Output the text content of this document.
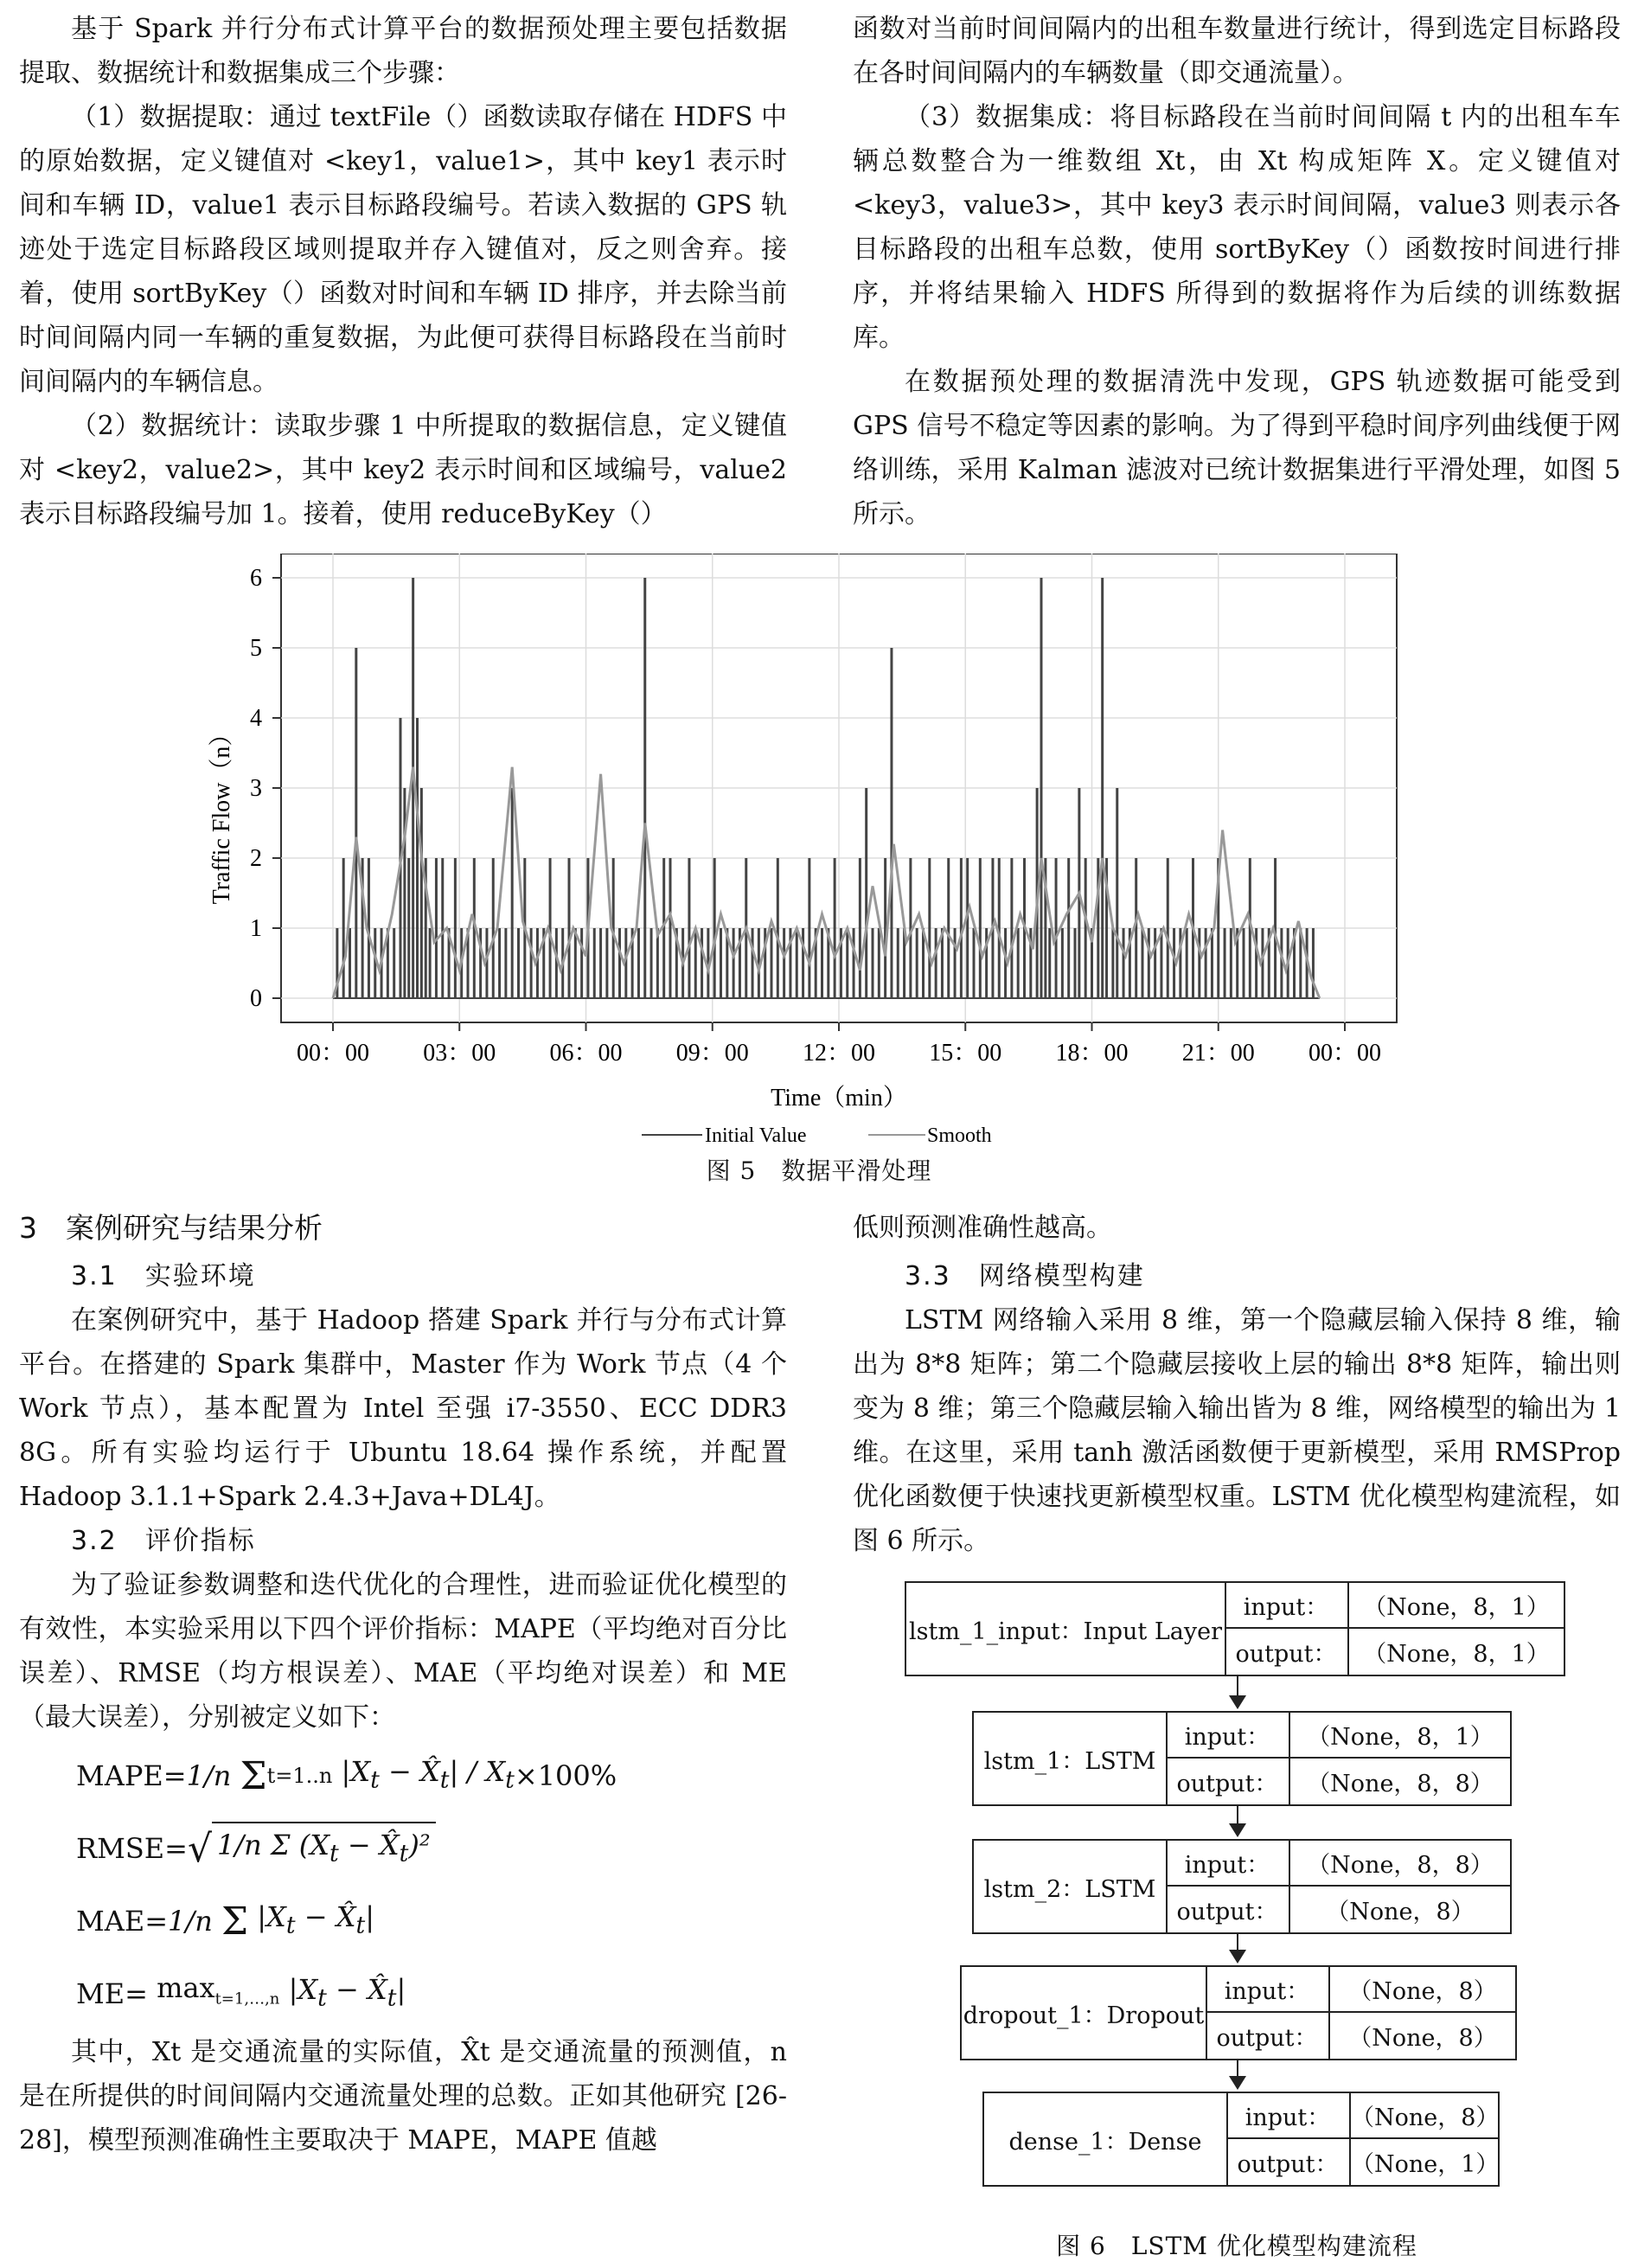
基于 Spark 并行分布式计算平台的数据预处理主要包括数据提取、数据统计和数据集成三个步骤：

（1）数据提取：通过 textFile（）函数读取存储在 HDFS 中的原始数据，定义键值对 <key1，value1>，其中 key1 表示时间和车辆 ID，value1 表示目标路段编号。若读入数据的 GPS 轨迹处于选定目标路段区域则提取并存入键值对，反之则舍弃。接着，使用 sortByKey（）函数对时间和车辆 ID 排序，并去除当前时间间隔内同一车辆的重复数据，为此便可获得目标路段在当前时间间隔内的车辆信息。

（2）数据统计：读取步骤 1 中所提取的数据信息，定义键值对 <key2，value2>，其中 key2 表示时间和区域编号，value2 表示目标路段编号加 1。接着，使用 reduceByKey（）

函数对当前时间间隔内的出租车数量进行统计，得到选定目标路段在各时间间隔内的车辆数量（即交通流量）。

（3）数据集成：将目标路段在当前时间间隔 t 内的出租车车辆总数整合为一维数组 Xt，由 Xt 构成矩阵 X。定义键值对 <key3，value3>，其中 key3 表示时间间隔，value3 则表示各目标路段的出租车总数，使用 sortByKey（）函数按时间进行排序，并将结果输入 HDFS 所得到的数据将作为后续的训练数据库。

在数据预处理的数据清洗中发现，GPS 轨迹数据可能受到 GPS 信号不稳定等因素的影响。为了得到平稳时间序列曲线便于网络训练，采用 Kalman 滤波对已统计数据集进行平滑处理，如图 5 所示。

0
1
2
3
4
5
6
00：00 03：00 06：00 09：00 12：00 15：00 18：00 21：00 00：00
Traffic Flow（n）
Time（min）
Initial Value	Smooth
图 5　数据平滑处理

3　案例研究与结果分析

3.1　实验环境

在案例研究中，基于 Hadoop 搭建 Spark 并行与分布式计算平台。在搭建的 Spark 集群中，Master 作为 Work 节点（4 个 Work 节点），基本配置为 Intel 至强 i7-3550、ECC DDR3 8G。所有实验均运行于 Ubuntu 18.64 操作系统，并配置 Hadoop 3.1.1+Spark 2.4.3+Java+DL4J。

3.2　评价指标

为了验证参数调整和迭代优化的合理性，进而验证优化模型的有效性，本实验采用以下四个评价指标：MAPE（平均绝对百分比误差）、RMSE（均方根误差）、MAE（平均绝对误差）和 ME（最大误差），分别被定义如下：

MAPE= 1/n
Σ t=1..n
$|X_t$ − $X̂_t| / X_t \times 100\%$
RMSE= √ 1/n Σ ($X_t$ − $X̂_t)^2$
MAE= 1/n
Σ
$|X_t$ − $X̂_t|$
ME=
$\max_{t=1,\dots,n}$
$|X_t$ − $X̂_t|$

其中，Xt 是交通流量的实际值，X̂t 是交通流量的预测值，n 是在所提供的时间间隔内交通流量处理的总数。正如其他研究 [26-28]，模型预测准确性主要取决于 MAPE，MAPE 值越

低则预测准确性越高。

3.3　网络模型构建

LSTM 网络输入采用 8 维，第一个隐藏层输入保持 8 维，输出为 8*8 矩阵；第二个隐藏层接收上层的输出 8*8 矩阵，输出则变为 8 维；第三个隐藏层输入输出皆为 8 维，网络模型的输出为 1 维。在这里，采用 tanh 激活函数便于更新模型，采用 RMSProp 优化函数便于快速找更新模型权重。LSTM 优化模型构建流程，如图 6 所示。

lstm_1_input：Input Layer
input：
output：
（None，8，1）
（None，8，1）
lstm_1：LSTM
input：
output：
（None，8，1）
（None，8，8）
lstm_2：LSTM
input：
output：
（None，8，8）
（None，8）
dropout_1：Dropout
input：
output：
（None，8）
（None，8）
dense_1：Dense
input：
output：
（None，8）
（None，1）
图 6　LSTM 优化模型构建流程
